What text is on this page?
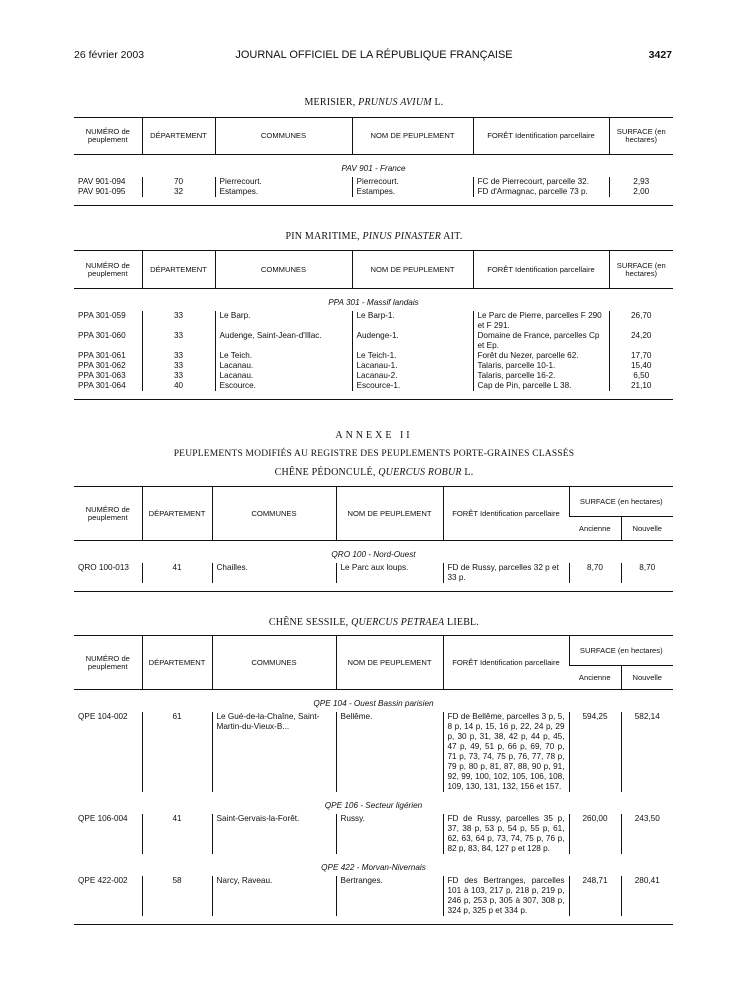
26 février 2003	JOURNAL OFFICIEL DE LA RÉPUBLIQUE FRANÇAISE	3427
MERISIER, PRUNUS AVIUM L.
NUMÉRO de peuplement	DÉPARTEMENT	COMMUNES	NOM DE PEUPLEMENT	FORÊT Identification parcellaire	SURFACE (en hectares)
PAV 901 - France					
PAV 901-094	70	Pierrecourt.	Pierrecourt.	FC de Pierrecourt, parcelle 32.	2,93
PAV 901-095	32	Estampes.	Estampes.	FD d'Armagnac, parcelle 73 p.	2,00

PIN MARITIME, PINUS PINASTER AIT.
NUMÉRO de peuplement	DÉPARTEMENT	COMMUNES	NOM DE PEUPLEMENT	FORÊT Identification parcellaire	SURFACE (en hectares)
PPA 301 - Massif landais					
PPA 301-059	33	Le Barp.	Le Barp-1.	Le Parc de Pierre, parcelles F 290 et F 291.	26,70
PPA 301-060	33	Audenge, Saint-Jean-d'Illac.	Audenge-1.	Domaine de France, parcelles Cp et Ep.	24,20
PPA 301-061	33	Le Teich.	Le Teich-1.	Forêt du Nezer, parcelle 62.	17,70
PPA 301-062	33	Lacanau.	Lacanau-1.	Talaris, parcelle 10-1.	15,40
PPA 301-063	33	Lacanau.	Lacanau-2.	Talaris, parcelle 16-2.	6,50
PPA 301-064	40	Escource.	Escource-1.	Cap de Pin, parcelle L 38.	21,10

ANNEXE II
PEUPLEMENTS MODIFIÉS AU REGISTRE DES PEUPLEMENTS PORTE-GRAINES CLASSÉS
CHÊNE PÉDONCULÉ, QUERCUS ROBUR L.
NUMÉRO de peuplement	DÉPARTEMENT	COMMUNES	NOM DE PEUPLEMENT	FORÊT Identification parcellaire	SURFACE (en hectares)	
					Ancienne	Nouvelle
QRO 100 - Nord-Ouest						
QRO 100-013	41	Chailles.	Le Parc aux loups.	FD de Russy, parcelles 32 p et 33 p.	8,70	8,70

CHÊNE SESSILE, QUERCUS PETRAEA LIEBL.
NUMÉRO de peuplement	DÉPARTEMENT	COMMUNES	NOM DE PEUPLEMENT	FORÊT Identification parcellaire	SURFACE (en hectares)	
					Ancienne	Nouvelle
QPE 104 - Ouest Bassin parisien						
QPE 104-002	61	Le Gué-de-la-Chaîne, Saint-Martin-du-Vieux-B...	Bellême.	FD de Bellême, parcelles 3 p, 5, 8 p, 14 p, 15, 16 p, 22, 24 p, 29 p, 30 p, 31, 38, 42 p, 44 p, 45, 47 p, 49, 51 p, 66 p, 69, 70 p, 71 p, 73, 74, 75 p, 76, 77, 78 p, 79 p, 80 p, 81, 87, 88, 90 p, 91, 92, 99, 100, 102, 105, 106, 108, 109, 130, 131, 132, 156 et 157.	594,25	582,14
QPE 106 - Secteur ligérien						
QPE 106-004	41	Saint-Gervais-la-Forêt.	Russy.	FD de Russy, parcelles 35 p, 37, 38 p, 53 p, 54 p, 55 p, 61, 62, 63, 64 p, 73, 74, 75 p, 76 p, 82 p, 83, 84, 127 p et 128 p.	260,00	243,50
QPE 422 - Morvan-Nivernais						
QPE 422-002	58	Narcy, Raveau.	Bertranges.	FD des Bertranges, parcelles 101 à 103, 217 p, 218 p, 219 p, 246 p, 253 p, 305 à 307, 308 p, 324 p, 325 p et 334 p.	248,71	280,41
